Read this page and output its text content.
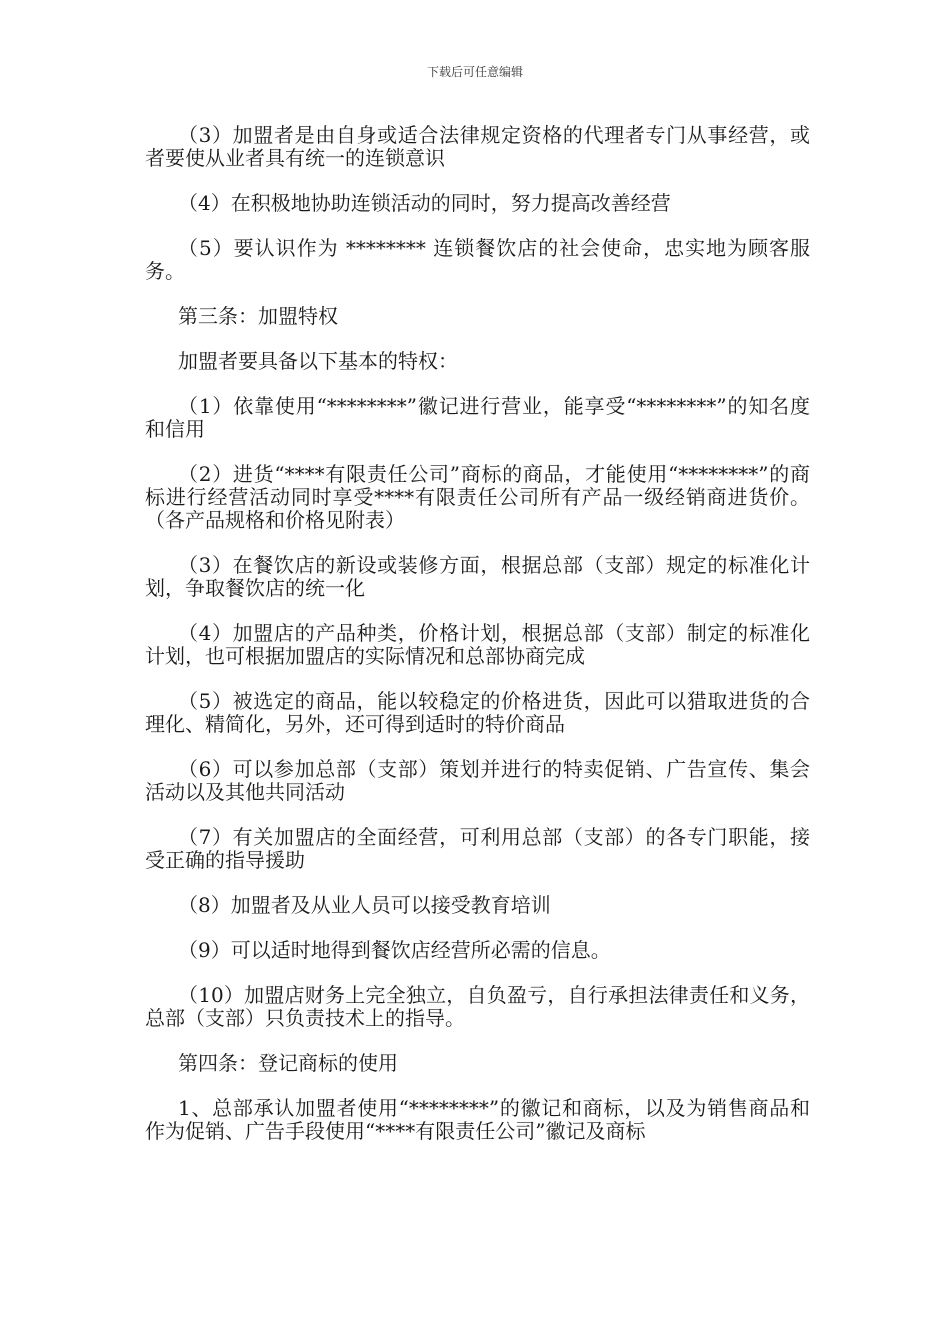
下载后可任意编辑

（3）加盟者是由自身或适合法律规定资格的代理者专门从事经营，或者要使从业者具有统一的连锁意识

（4）在积极地协助连锁活动的同时，努力提高改善经营

（5）要认识作为 ******** 连锁餐饮店的社会使命，忠实地为顾客服务。

第三条：加盟特权

加盟者要具备以下基本的特权：

（1）依靠使用“********”徽记进行营业，能享受“********”的知名度和信用

（2）进货“****有限责任公司”商标的商品，才能使用“********”的商标进行经营活动同时享受****有限责任公司所有产品一级经销商进货价。（各产品规格和价格见附表）

（3）在餐饮店的新设或装修方面，根据总部（支部）规定的标准化计划，争取餐饮店的统一化

（4）加盟店的产品种类，价格计划，根据总部（支部）制定的标准化计划，也可根据加盟店的实际情况和总部协商完成

（5）被选定的商品，能以较稳定的价格进货，因此可以猎取进货的合理化、精简化，另外，还可得到适时的特价商品

（6）可以参加总部（支部）策划并进行的特卖促销、广告宣传、集会活动以及其他共同活动

（7）有关加盟店的全面经营，可利用总部（支部）的各专门职能，接受正确的指导援助

（8）加盟者及从业人员可以接受教育培训

（9）可以适时地得到餐饮店经营所必需的信息。

（10）加盟店财务上完全独立，自负盈亏，自行承担法律责任和义务，总部（支部）只负责技术上的指导。

第四条：登记商标的使用

1、总部承认加盟者使用“********”的徽记和商标，以及为销售商品和作为促销、广告手段使用“****有限责任公司”徽记及商标
